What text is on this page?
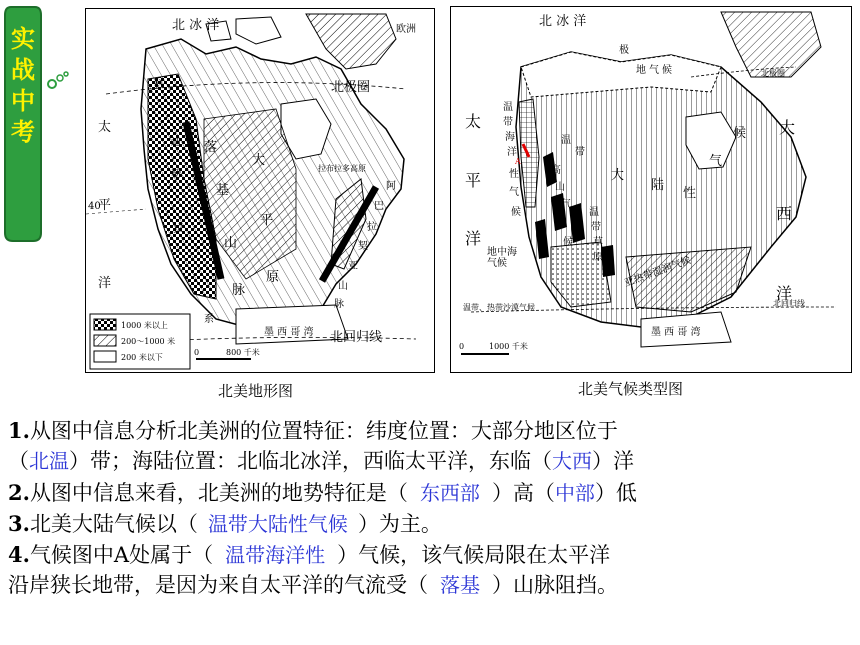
实
战
中
考
北 冰 洋	欧洲
北极圈
太
平
洋
40
科
迪
勒
拉
系
落
基
山
脉
大
平
原
拉布拉多高原
阿
巴
拉
契
亚
山
脉
墨 西 哥 湾 北回归线
1000 米以上
200～1000 米
200 米以下
0	800 千米
北美地形图
北 冰 洋
太
平
洋
大
西
洋
极
地 气 候	北极圈
温
带
海
洋
性
气
候
温
带
大
陆
性
气
候
高
山
气
候
温
带
草
原
地中海气候
温带、热带沙漠气候
亚热带湿润气候
墨 西 哥 湾
北回归线
A
0	1000 千米
北美气候类型图
1.从图中信息分析北美洲的位置特征：纬度位置：大部分地区位于
（北温）带；海陆位置：北临北冰洋，西临太平洋，东临（大西）洋
2.从图中信息来看，北美洲的地势特征是（ 东西部 ）高（中部）低
3.北美大陆气候以（ 温带大陆性气候 ）为主。
4.气候图中A处属于（ 温带海洋性 ）气候，该气候局限在太平洋
沿岸狭长地带，是因为来自太平洋的气流受（ 落基 ）山脉阻挡。
